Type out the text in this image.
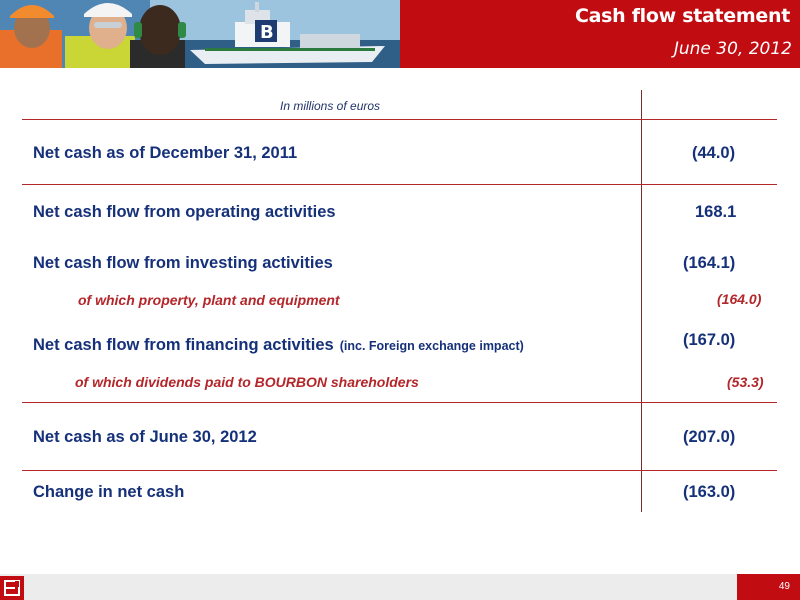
B
Cash flow statement
June 30, 2012
In millions of euros
Net cash as of December 31, 2011	(44.0)
Net cash flow from operating activities	168.1
Net cash flow from investing activities	(164.1)
of which property, plant and equipment	(164.0)
Net cash flow from financing activities (inc. Foreign exchange impact)	(167.0)
of which dividends paid to BOURBON shareholders	(53.3)
Net cash as of June 30, 2012	(207.0)
Change in net cash	(163.0)
49
